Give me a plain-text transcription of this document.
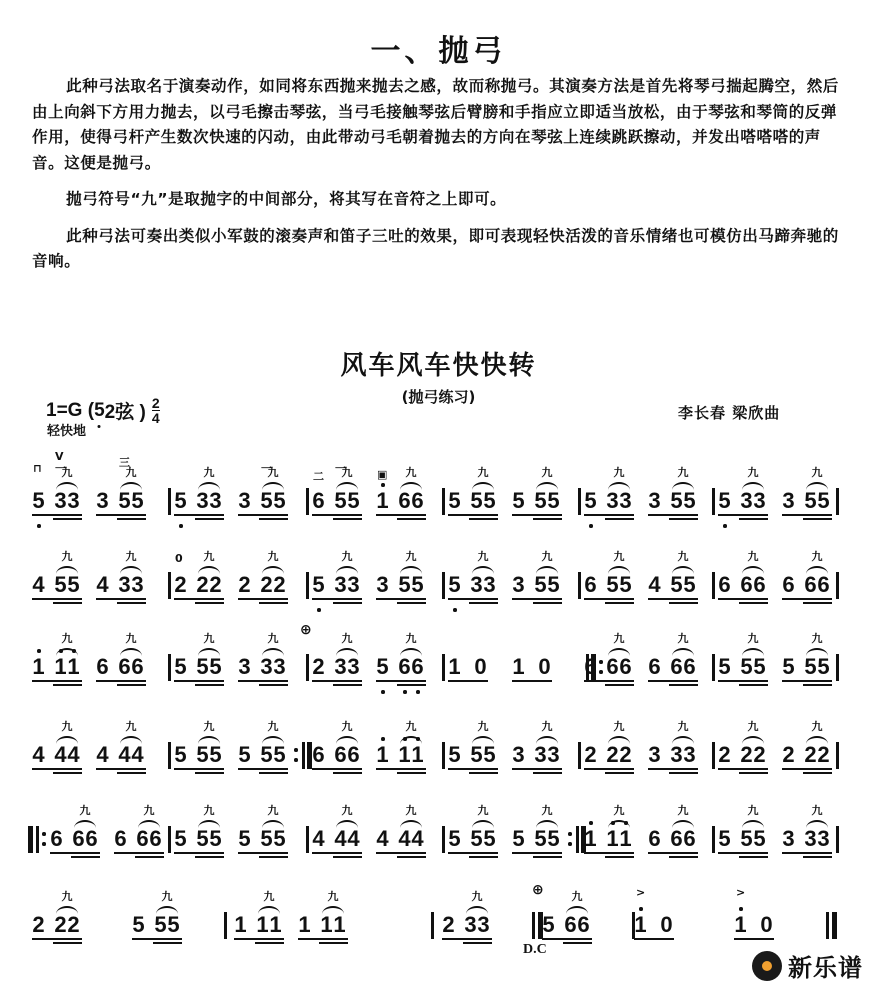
一、抛弓

此种弓法取名于演奏动作，如同将东西抛来抛去之感，故而称抛弓。其演奏方法是首先将琴弓揣起腾空，然后由上向斜下方用力抛去，以弓毛擦击琴弦，当弓毛接触琴弦后臂膀和手指应立即适当放松，由于琴弦和琴筒的反弹作用，使得弓杆产生数次快速的闪动，由此带动弓毛朝着抛去的方向在琴弦上连续跳跃擦动，并发出嗒嗒嗒的声音。这便是抛弓。

抛弓符号“九”是取抛字的中间部分，将其写在音符之上即可。

此种弓法可奏出类似小军鼓的滚奏声和笛子三吐的效果，即可表现轻快活泼的音乐情绪也可模仿出马蹄奔驰的音响。

风车风车快快转
(抛弓练习)
1=G ( 5 2弦 ) $\frac{2}{4}$
轻快地
李长春 梁欣曲
5 3 3
九
⊓
V
一
3 5 5
九
三
5 3 3
九
3 5 5
九
一
6 5 5
九
二
一
1 6 6
九
▣
5 5 5
九
5 5 5
九
5 3 3
九
3 5 5
九
5 3 3
九
3 5 5
九
4 5 5
九
4 3 3
九
2 2 2
九
0
2 2 2
九
5 3 3
九
3 5 5
九
5 3 3
九
3 5 5
九
6 5 5
九
4 5 5
九
6 6 6
九
6 6 6
九
1 1 1
九
6 6 6
九
5 5 5
九
3 3 3
九
⊕
2 3 3
九
5 6 6
九
1 0 1 0 6 6 6
九
6 6 6
九
5 5 5
九
5 5 5
九
4 4 4
九
4 4 4
九
5 5 5
九
5 5 5
九
6 6 6
九
1 1 1
九
5 5 5
九
3 3 3
九
2 2 2
九
3 3 3
九
2 2 2
九
2 2 2
九
6 6 6
九
6 6 6
九
5 5 5
九
5 5 5
九
4 4 4
九
4 4 4
九
5 5 5
九
5 5 5
九
1 1 1
九
6 6 6
九
5 5 5
九
3 3 3
九
2 2 2
九
5 5 5
九
1 1 1
九
1 1 1
九	⊕
D.C
2 3 3
九
5 6 6
九
1 0
>
1 0
>
新乐谱
